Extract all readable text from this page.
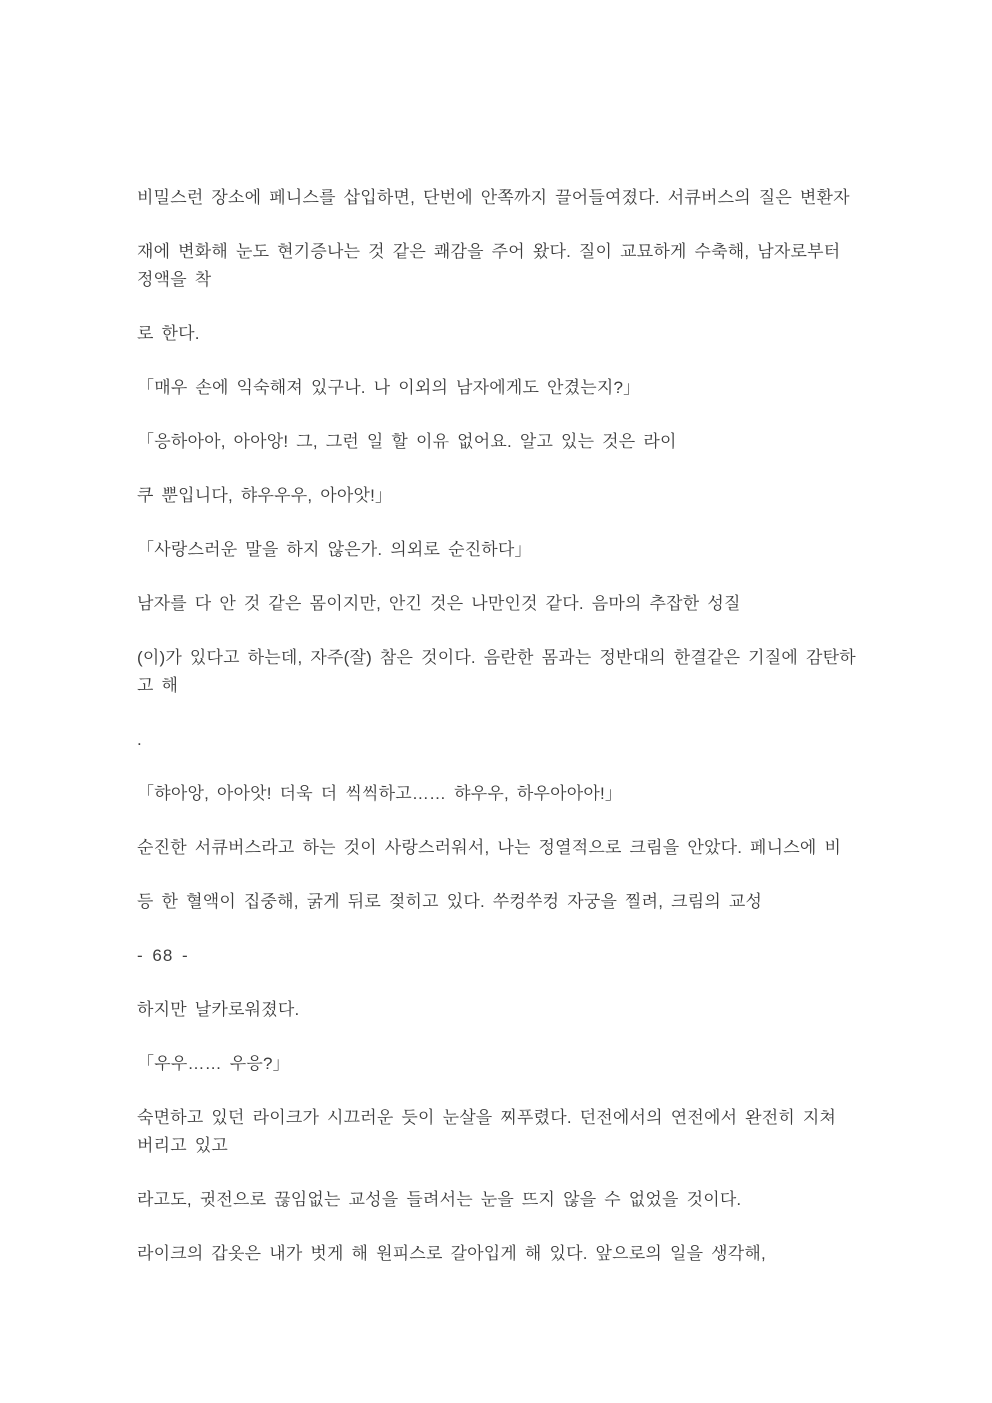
비밀스런 장소에 페니스를 삽입하면, 단번에 안쪽까지 끌어들여졌다. 서큐버스의 질은 변환자

재에 변화해 눈도 현기증나는 것 같은 쾌감을 주어 왔다. 질이 교묘하게 수축해, 남자로부터
정액을 착

로 한다.

「매우 손에 익숙해져 있구나. 나 이외의 남자에게도 안겼는지?」

「응하아아, 아아앙! 그, 그런 일 할 이유 없어요. 알고 있는 것은 라이

쿠 뿐입니다, 햐우우우, 아아앗!」

「사랑스러운 말을 하지 않은가. 의외로 순진하다」

남자를 다 안 것 같은 몸이지만, 안긴 것은 나만인것 같다. 음마의 추잡한 성질

(이)가 있다고 하는데, 자주(잘) 참은 것이다. 음란한 몸과는 정반대의 한결같은 기질에 감탄하
고 해

.

「햐아앙, 아아앗! 더욱 더 씩씩하고…… 햐우우, 하우아아아!」

순진한 서큐버스라고 하는 것이 사랑스러워서, 나는 정열적으로 크림을 안았다. 페니스에 비

등 한 혈액이 집중해, 굵게 뒤로 젖히고 있다. 쑤컹쑤컹 자궁을 찔려, 크림의 교성

- 68 -

하지만 날카로워졌다.

「우우…… 우응?」

숙면하고 있던 라이크가 시끄러운 듯이 눈살을 찌푸렸다. 던전에서의 연전에서 완전히 지쳐
버리고 있고

라고도, 귓전으로 끊임없는 교성을 들려서는 눈을 뜨지 않을 수 없었을 것이다.

라이크의 갑옷은 내가 벗게 해 원피스로 갈아입게 해 있다. 앞으로의 일을 생각해,
